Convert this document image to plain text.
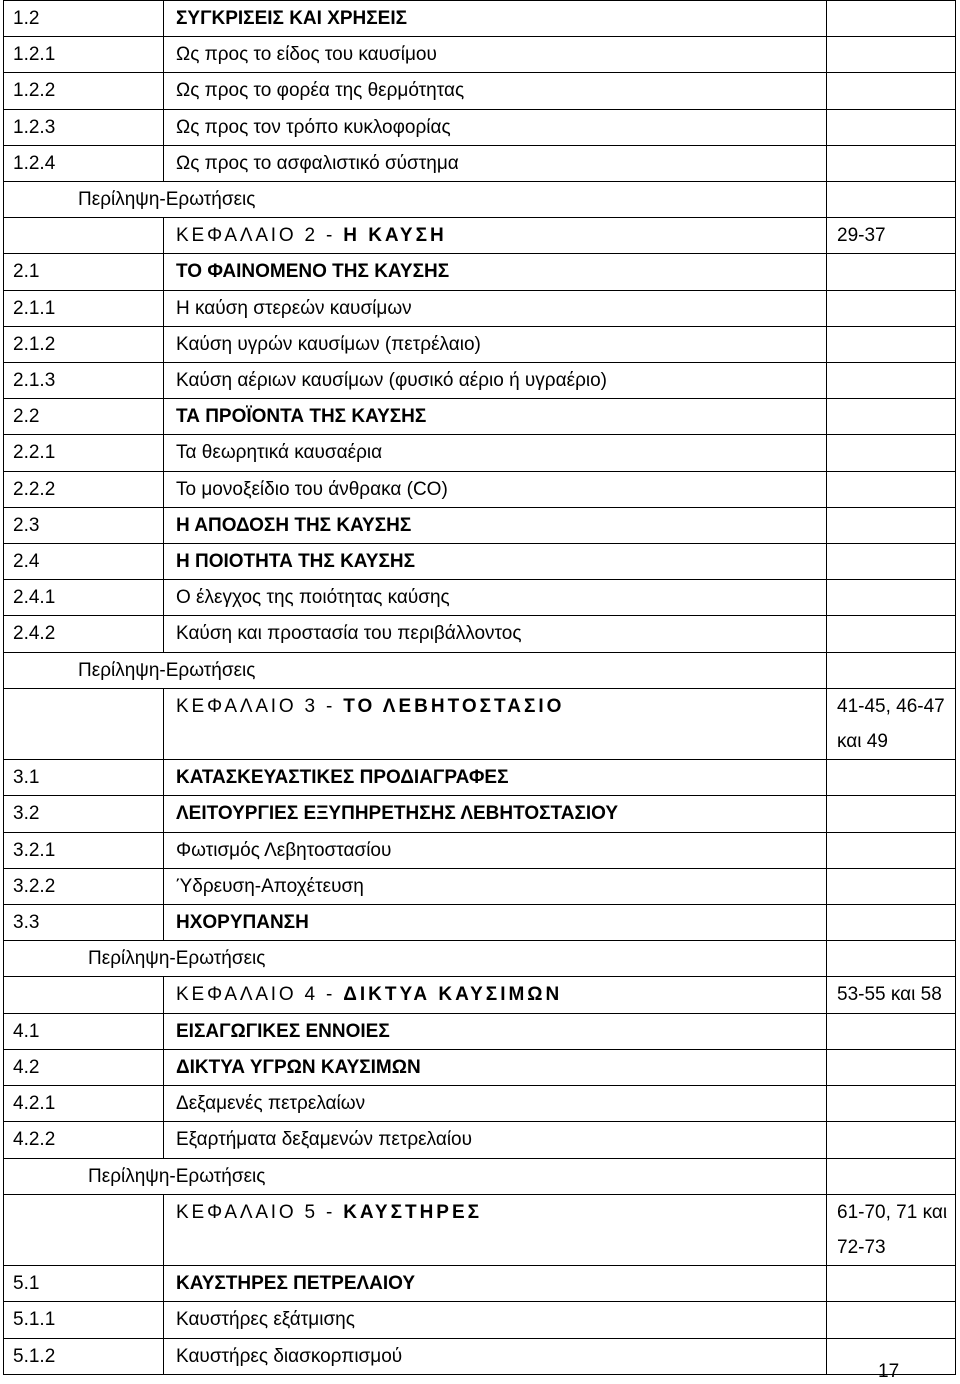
1.2	ΣΥΓΚΡΙΣΕΙΣ ΚΑΙ ΧΡΗΣΕΙΣ	
1.2.1	Ως προς το είδος του καυσίμου	
1.2.2	Ως προς το φορέα της θερμότητας	
1.2.3	Ως προς τον τρόπο κυκλοφορίας	
1.2.4	Ως προς το ασφαλιστικό σύστημα	
Περίληψη-Ερωτήσεις		
	ΚΕΦΑΛΑΙΟ 2 - Η ΚΑΥΣΗ	29-37
2.1	ΤΟ ΦΑΙΝΟΜΕΝΟ ΤΗΣ ΚΑΥΣΗΣ	
2.1.1	Η καύση στερεών καυσίμων	
2.1.2	Καύση υγρών καυσίμων (πετρέλαιο)	
2.1.3	Καύση αέριων καυσίμων (φυσικό αέριο ή υγραέριο)	
2.2	ΤΑ ΠΡΟΪΟΝΤΑ ΤΗΣ ΚΑΥΣΗΣ	
2.2.1	Τα θεωρητικά καυσαέρια	
2.2.2	Το μονοξείδιο του άνθρακα (CO)	
2.3	Η ΑΠΟΔΟΣΗ ΤΗΣ ΚΑΥΣΗΣ	
2.4	Η ΠΟΙΟΤΗΤΑ ΤΗΣ ΚΑΥΣΗΣ	
2.4.1	Ο έλεγχος της ποιότητας καύσης	
2.4.2	Καύση και προστασία του περιβάλλοντος	
Περίληψη-Ερωτήσεις		
	ΚΕΦΑΛΑΙΟ 3 - ΤΟ ΛΕΒΗΤΟΣΤΑΣΙΟ	41-45, 46-47
και 49

3.1	ΚΑΤΑΣΚΕΥΑΣΤΙΚΕΣ ΠΡΟΔΙΑΓΡΑΦΕΣ	
3.2	ΛΕΙΤΟΥΡΓΙΕΣ ΕΞΥΠΗΡΕΤΗΣΗΣ ΛΕΒΗΤΟΣΤΑΣΙΟΥ	
3.2.1	Φωτισμός Λεβητοστασίου	
3.2.2	Ύδρευση-Αποχέτευση	
3.3	ΗΧΟΡΥΠΑΝΣΗ	
Περίληψη-Ερωτήσεις		
	ΚΕΦΑΛΑΙΟ 4 - ΔΙΚΤΥΑ ΚΑΥΣΙΜΩΝ	53-55 και 58
4.1	ΕΙΣΑΓΩΓΙΚΕΣ ΕΝΝΟΙΕΣ	
4.2	ΔΙΚΤΥΑ ΥΓΡΩΝ ΚΑΥΣΙΜΩΝ	
4.2.1	Δεξαμενές πετρελαίων	
4.2.2	Εξαρτήματα δεξαμενών πετρελαίου	
Περίληψη-Ερωτήσεις		
	ΚΕΦΑΛΑΙΟ 5 - ΚΑΥΣΤΗΡΕΣ	61-70, 71 και
72-73

5.1	ΚΑΥΣΤΗΡΕΣ ΠΕΤΡΕΛΑΙΟΥ	
5.1.1	Καυστήρες εξάτμισης	
5.1.2	Καυστήρες διασκορπισμού	
17
